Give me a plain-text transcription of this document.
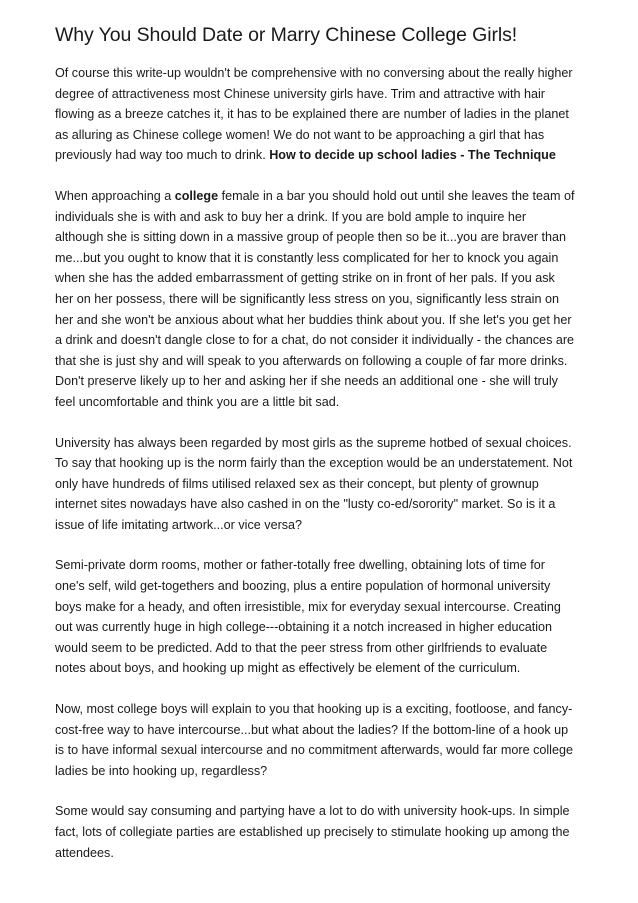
Why You Should Date or Marry Chinese College Girls!
Of course this write-up wouldn't be comprehensive with no conversing about the really higher
degree of attractiveness most Chinese university girls have. Trim and attractive with hair
flowing as a breeze catches it, it has to be explained there are number of ladies in the planet
as alluring as Chinese college women! We do not want to be approaching a girl that has
previously had way too much to drink. How to decide up school ladies - The Technique
When approaching a college female in a bar you should hold out until she leaves the team of
individuals she is with and ask to buy her a drink. If you are bold ample to inquire her
although she is sitting down in a massive group of people then so be it...you are braver than
me...but you ought to know that it is constantly less complicated for her to knock you again
when she has the added embarrassment of getting strike on in front of her pals. If you ask
her on her possess, there will be significantly less stress on you, significantly less strain on
her and she won't be anxious about what her buddies think about you. If she let's you get her
a drink and doesn't dangle close to for a chat, do not consider it individually - the chances are
that she is just shy and will speak to you afterwards on following a couple of far more drinks.
Don't preserve likely up to her and asking her if she needs an additional one - she will truly
feel uncomfortable and think you are a little bit sad.
University has always been regarded by most girls as the supreme hotbed of sexual choices.
To say that hooking up is the norm fairly than the exception would be an understatement. Not
only have hundreds of films utilised relaxed sex as their concept, but plenty of grownup
internet sites nowadays have also cashed in on the "lusty co-ed/sorority" market. So is it a
issue of life imitating artwork...or vice versa?
Semi-private dorm rooms, mother or father-totally free dwelling, obtaining lots of time for
one's self, wild get-togethers and boozing, plus a entire population of hormonal university
boys make for a heady, and often irresistible, mix for everyday sexual intercourse. Creating
out was currently huge in high college---obtaining it a notch increased in higher education
would seem to be predicted. Add to that the peer stress from other girlfriends to evaluate
notes about boys, and hooking up might as effectively be element of the curriculum.
Now, most college boys will explain to you that hooking up is a exciting, footloose, and fancy-
cost-free way to have intercourse...but what about the ladies? If the bottom-line of a hook up
is to have informal sexual intercourse and no commitment afterwards, would far more college
ladies be into hooking up, regardless?
Some would say consuming and partying have a lot to do with university hook-ups. In simple
fact, lots of collegiate parties are established up precisely to stimulate hooking up among the
attendees.
